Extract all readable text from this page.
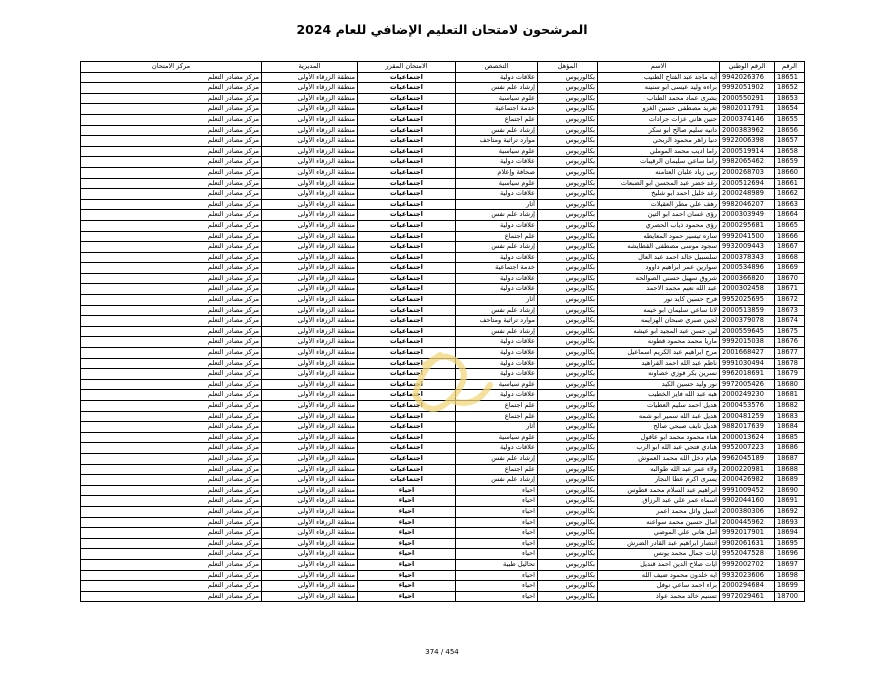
المرشحون لامتحان التعليم الإضافي للعام 2024
الرقم	الرقم الوطني	الاسم	المؤهل	التخصص	الامتحان المقرر	المديرية	مركز الامتحان
18651	9942026376	آيه ماجد عبد الفتاح الطنيب	بكالوريوس	علاقات دولية	اجتماعيات	منطقة الزرقاء الأولى	مركز مصادر التعلم
18652	9992051902	براءه وليد عيسى ابو سنينه	بكالوريوس	إرشاد علم نفس	اجتماعيات	منطقة الزرقاء الأولى	مركز مصادر التعلم
18653	2000550291	بشرى عماد محمد الطناب	بكالوريوس	علوم سياسية	اجتماعيات	منطقة الزرقاء الأولى	مركز مصادر التعلم
18654	9802011791	تغريد مصطفى حسين الغزو	بكالوريوس	خدمة اجتماعية	اجتماعيات	منطقة الزرقاء الأولى	مركز مصادر التعلم
18655	2000374146	حنين هاني عزات جرادات	بكالوريوس	علم اجتماع	اجتماعيات	منطقة الزرقاء الأولى	مركز مصادر التعلم
18656	2000383962	دانيه سليم صالح ابو سكر	بكالوريوس	إرشاد علم نفس	اجتماعيات	منطقة الزرقاء الأولى	مركز مصادر التعلم
18657	9922006398	دنيا زاهر محمود الربحي	بكالوريوس	موارد تراثية ومتاحف	اجتماعيات	منطقة الزرقاء الأولى	مركز مصادر التعلم
18658	2000519914	راما اديب محمد الموملي	بكالوريوس	علوم سياسية	اجتماعيات	منطقة الزرقاء الأولى	مركز مصادر التعلم
18659	9982065462	راما ساعي سليمان الرقيبات	بكالوريوس	علاقات دولية	اجتماعيات	منطقة الزرقاء الأولى	مركز مصادر التعلم
18660	2000268703	ربى زياد علبان العتامنه	بكالوريوس	صحافة وإعلام	اجتماعيات	منطقة الزرقاء الأولى	مركز مصادر التعلم
18661	2000512694	رغد خضر عبد المحسن ابو الضبعات	بكالوريوس	علوم سياسية	اجتماعيات	منطقة الزرقاء الأولى	مركز مصادر التعلم
18662	2000248989	رغد خليل احمد ابو شليخ	بكالوريوس	علاقات دولية	اجتماعيات	منطقة الزرقاء الأولى	مركز مصادر التعلم
18663	9982046207	رهف علي مطر العقيلات	بكالوريوس	آثار	اجتماعيات	منطقة الزرقاء الأولى	مركز مصادر التعلم
18664	2000303949	رؤى غسان احمد ابو التين	بكالوريوس	إرشاد علم نفس	اجتماعيات	منطقة الزرقاء الأولى	مركز مصادر التعلم
18665	2000295681	رؤى محمود ذياب الحصري	بكالوريوس	علاقات دولية	اجتماعيات	منطقة الزرقاء الأولى	مركز مصادر التعلم
18666	9992041500	ساره تيسير حمود المعايطه	بكالوريوس	علم اجتماع	اجتماعيات	منطقة الزرقاء الأولى	مركز مصادر التعلم
18667	9932009443	سجود موسى مصطفى القطايشه	بكالوريوس	إرشاد علم نفس	اجتماعيات	منطقة الزرقاء الأولى	مركز مصادر التعلم
18668	2000378343	سلسبيل خالد احمد عبد العال	بكالوريوس	علاقات دولية	اجتماعيات	منطقة الزرقاء الأولى	مركز مصادر التعلم
18669	2000534896	سوارين عمر ابراهيم داوود	بكالوريوس	خدمة اجتماعية	اجتماعيات	منطقة الزرقاء الأولى	مركز مصادر التعلم
18670	2000366820	شروق سهيل حسني الصوالحه	بكالوريوس	علاقات دولية	اجتماعيات	منطقة الزرقاء الأولى	مركز مصادر التعلم
18671	2000302458	عبد الله نعيم محمد الاحمد	بكالوريوس	علاقات دولية	اجتماعيات	منطقة الزرقاء الأولى	مركز مصادر التعلم
18672	9952025695	فرح حسين كايد نور	بكالوريوس	آثار	اجتماعيات	منطقة الزرقاء الأولى	مركز مصادر التعلم
18673	2000513859	لانا ساعي سليمان ابو خيمه	بكالوريوس	إرشاد علم نفس	اجتماعيات	منطقة الزرقاء الأولى	مركز مصادر التعلم
18674	2000379078	لجين صبري صبحان الهزايمه	بكالوريوس	موارد تراثية ومتاحف	اجتماعيات	منطقة الزرقاء الأولى	مركز مصادر التعلم
18675	2000559645	لين حسن عبد المجيد ابو عيشه	بكالوريوس	إرشاد علم نفس	اجتماعيات	منطقة الزرقاء الأولى	مركز مصادر التعلم
18676	9992015038	ماريا محمد محمود قطونه	بكالوريوس	علاقات دولية	اجتماعيات	منطقة الزرقاء الأولى	مركز مصادر التعلم
18677	2001668427	مرح ابراهيم عبد الكريم اسماعيل	بكالوريوس	علاقات دولية	اجتماعيات	منطقة الزرقاء الأولى	مركز مصادر التعلم
18678	9991030494	ناظم عبد الله احمد الفراهيد	بكالوريوس	علاقات دولية	اجتماعيات	منطقة الزرقاء الأولى	مركز مصادر التعلم
18679	9962018691	نسرين بكر فوزي خصاونه	بكالوريوس	علاقات دولية	اجتماعيات	منطقة الزرقاء الأولى	مركز مصادر التعلم
18680	9972005426	نور وليد حسين الكيد	بكالوريوس	علوم سياسية	اجتماعيات	منطقة الزرقاء الأولى	مركز مصادر التعلم
18681	2000249230	هبه عبد الله فايز الخطيب	بكالوريوس	علاقات دولية	اجتماعيات	منطقة الزرقاء الأولى	مركز مصادر التعلم
18682	2000453576	هديل احمد سليم العطيات	بكالوريوس	علم اجتماع	اجتماعيات	منطقة الزرقاء الأولى	مركز مصادر التعلم
18683	2000481259	هديل عبد الله سمير ابو شمه	بكالوريوس	علم اجتماع	اجتماعيات	منطقة الزرقاء الأولى	مركز مصادر التعلم
18684	9882017639	هديل نايف صبحي صالح	بكالوريوس	آثار	اجتماعيات	منطقة الزرقاء الأولى	مركز مصادر التعلم
18685	2000013624	هناء محمود محمد ابو عاقول	بكالوريوس	علوم سياسية	اجتماعيات	منطقة الزرقاء الأولى	مركز مصادر التعلم
18686	9952007223	هنادي فتحي عبد الله ابو الرب	بكالوريوس	علاقات دولية	اجتماعيات	منطقة الزرقاء الأولى	مركز مصادر التعلم
18687	9962045189	هيام دخل الله محمد العموش	بكالوريوس	إرشاد علم نفس	اجتماعيات	منطقة الزرقاء الأولى	مركز مصادر التعلم
18688	2000220981	ولاء عمر عبد الله طوالبه	بكالوريوس	علم اجتماع	اجتماعيات	منطقة الزرقاء الأولى	مركز مصادر التعلم
18689	2000426982	يسرى اكرم عطا النجار	بكالوريوس	إرشاد علم نفس	اجتماعيات	منطقة الزرقاء الأولى	مركز مصادر التعلم
18690	9991009452	ابراهيم عبد السلام محمد قطوس	بكالوريوس	احياء	احياء	منطقة الزرقاء الأولى	مركز مصادر التعلم
18691	9902044160	اسماء عمر علي عبد الرزاق	بكالوريوس	احياء	احياء	منطقة الزرقاء الأولى	مركز مصادر التعلم
18692	2000380306	اسيل وائل محمد اعمر	بكالوريوس	احياء	احياء	منطقة الزرقاء الأولى	مركز مصادر التعلم
18693	2000445962	امال حسين محمد سواعنه	بكالوريوس	احياء	احياء	منطقة الزرقاء الأولى	مركز مصادر التعلم
18694	9992017901	امل هاني علي الموصي	بكالوريوس	احياء	احياء	منطقة الزرقاء الأولى	مركز مصادر التعلم
18695	9902061631	انتصار ابراهيم عبد القادر الضرش	بكالوريوس	احياء	احياء	منطقة الزرقاء الأولى	مركز مصادر التعلم
18696	9952047528	ايات جمال محمد يونس	بكالوريوس	احياء	احياء	منطقة الزرقاء الأولى	مركز مصادر التعلم
18697	9992002702	ايات صلاح الدين احمد قنديل	بكالوريوس	تحاليل طبية	احياء	منطقة الزرقاء الأولى	مركز مصادر التعلم
18698	9932023606	ايه خلدون محمود ضيف الله	بكالوريوس	احياء	احياء	منطقة الزرقاء الأولى	مركز مصادر التعلم
18699	2000294684	براء احمد ساعي نوفل	بكالوريوس	احياء	احياء	منطقة الزرقاء الأولى	مركز مصادر التعلم
18700	9972029461	تسنيم خالد محمد عواد	بكالوريوس	احياء	احياء	منطقة الزرقاء الأولى	مركز مصادر التعلم
374 / 454
